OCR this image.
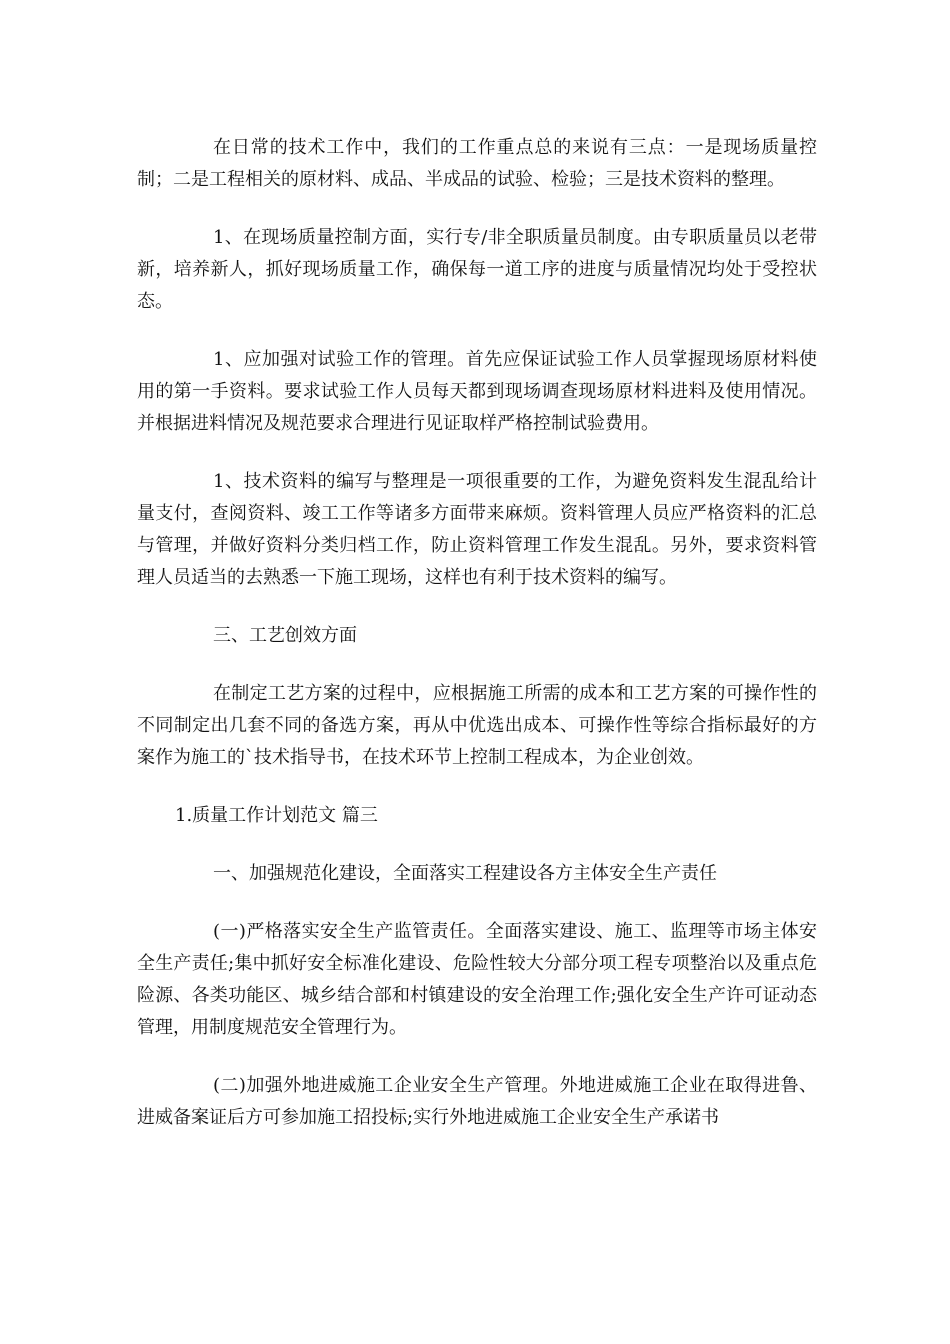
在日常的技术工作中，我们的工作重点总的来说有三点：一是现场质量控制；二是工程相关的原材料、成品、半成品的试验、检验；三是技术资料的整理。

1、在现场质量控制方面，实行专/非全职质量员制度。由专职质量员以老带新，培养新人，抓好现场质量工作，确保每一道工序的进度与质量情况均处于受控状态。

1、应加强对试验工作的管理。首先应保证试验工作人员掌握现场原材料使用的第一手资料。要求试验工作人员每天都到现场调查现场原材料进料及使用情况。并根据进料情况及规范要求合理进行见证取样严格控制试验费用。

1、技术资料的编写与整理是一项很重要的工作，为避免资料发生混乱给计量支付，查阅资料、竣工工作等诸多方面带来麻烦。资料管理人员应严格资料的汇总与管理，并做好资料分类归档工作，防止资料管理工作发生混乱。另外，要求资料管理人员适当的去熟悉一下施工现场，这样也有利于技术资料的编写。

三、工艺创效方面

在制定工艺方案的过程中，应根据施工所需的成本和工艺方案的可操作性的不同制定出几套不同的备选方案，再从中优选出成本、可操作性等综合指标最好的方案作为施工的`技术指导书，在技术环节上控制工程成本，为企业创效。

1.质量工作计划范文 篇三

一、加强规范化建设，全面落实工程建设各方主体安全生产责任

(一)严格落实安全生产监管责任。全面落实建设、施工、监理等市场主体安全生产责任;集中抓好安全标准化建设、危险性较大分部分项工程专项整治以及重点危险源、各类功能区、城乡结合部和村镇建设的安全治理工作;强化安全生产许可证动态管理，用制度规范安全管理行为。

(二)加强外地进威施工企业安全生产管理。外地进威施工企业在取得进鲁、进威备案证后方可参加施工招投标;实行外地进威施工企业安全生产承诺书
